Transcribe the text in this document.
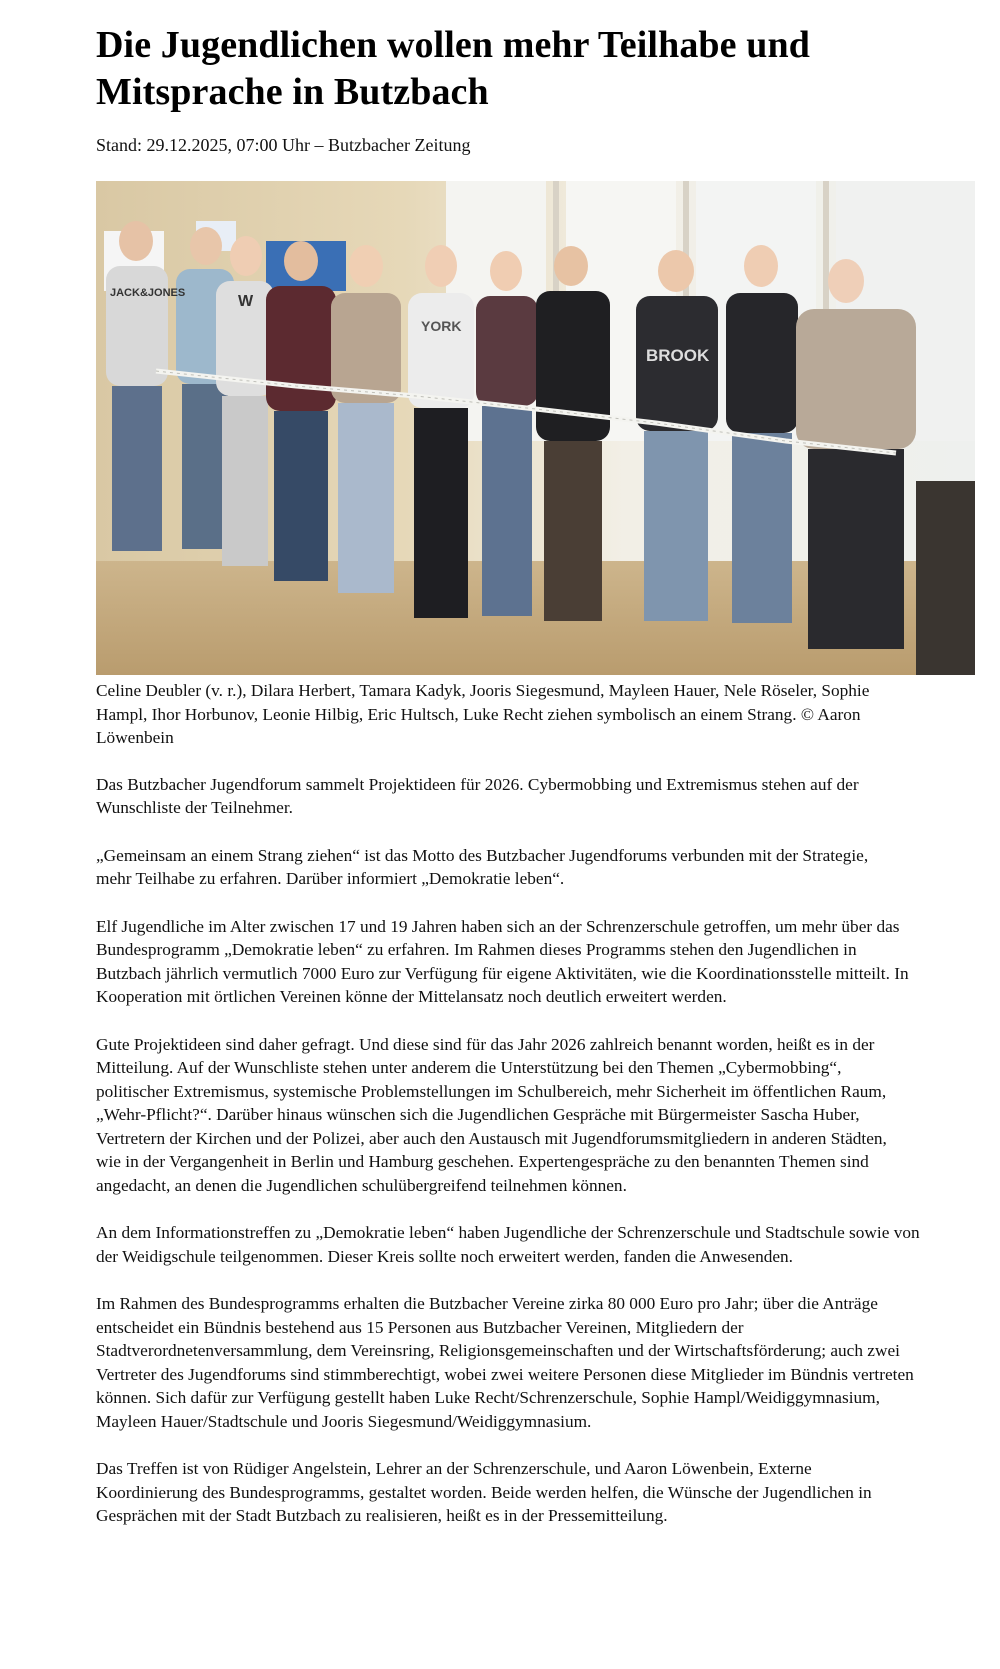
Die Jugendlichen wollen mehr Teilhabe und Mitsprache in Butzbach
Stand: 29.12.2025, 07:00 Uhr – Butzbacher Zeitung
JACK&JONES	W
BROOK
YORK
Celine Deubler (v. r.), Dilara Herbert, Tamara Kadyk, Jooris Siegesmund, Mayleen Hauer, Nele Röseler, Sophie Hampl, Ihor Horbunov, Leonie Hilbig, Eric Hultsch, Luke Recht ziehen symbolisch an einem Strang. © Aaron Löwenbein

Das Butzbacher Jugendforum sammelt Projektideen für 2026. Cybermobbing und Extremismus stehen auf der Wunschliste der Teilnehmer.

„Gemeinsam an einem Strang ziehen“ ist das Motto des Butzbacher Jugendforums verbunden mit der Strategie, mehr Teilhabe zu erfahren. Darüber informiert „Demokratie leben“.

Elf Jugendliche im Alter zwischen 17 und 19 Jahren haben sich an der Schrenzerschule getroffen, um mehr über das Bundesprogramm „Demokratie leben“ zu erfahren. Im Rahmen dieses Programms stehen den Jugendlichen in Butzbach jährlich vermutlich 7000 Euro zur Verfügung für eigene Aktivitäten, wie die Koordinationsstelle mitteilt. In Kooperation mit örtlichen Vereinen könne der Mittelansatz noch deutlich erweitert werden.

Gute Projektideen sind daher gefragt. Und diese sind für das Jahr 2026 zahlreich benannt worden, heißt es in der Mitteilung. Auf der Wunschliste stehen unter anderem die Unterstützung bei den Themen „Cybermobbing“, politischer Extremismus, systemische Problemstellungen im Schulbereich, mehr Sicherheit im öffentlichen Raum, „Wehr-Pflicht?“. Darüber hinaus wünschen sich die Jugendlichen Gespräche mit Bürgermeister Sascha Huber, Vertretern der Kirchen und der Polizei, aber auch den Austausch mit Jugendforumsmitgliedern in anderen Städten, wie in der Vergangenheit in Berlin und Hamburg geschehen. Expertengespräche zu den benannten Themen sind angedacht, an denen die Jugendlichen schulübergreifend teilnehmen können.

An dem Informationstreffen zu „Demokratie leben“ haben Jugendliche der Schrenzerschule und Stadtschule sowie von der Weidigschule teilgenommen. Dieser Kreis sollte noch erweitert werden, fanden die Anwesenden.

Im Rahmen des Bundesprogramms erhalten die Butzbacher Vereine zirka 80 000 Euro pro Jahr; über die Anträge entscheidet ein Bündnis bestehend aus 15 Personen aus Butzbacher Vereinen, Mitgliedern der Stadtverordnetenversammlung, dem Vereinsring, Religionsgemeinschaften und der Wirtschaftsförderung; auch zwei Vertreter des Jugendforums sind stimmberechtigt, wobei zwei weitere Personen diese Mitglieder im Bündnis vertreten können. Sich dafür zur Verfügung gestellt haben Luke Recht/Schrenzerschule, Sophie Hampl/Weidiggymnasium, Mayleen Hauer/Stadtschule und Jooris Siegesmund/Weidiggymnasium.

Das Treffen ist von Rüdiger Angelstein, Lehrer an der Schrenzerschule, und Aaron Löwenbein, Externe Koordinierung des Bundesprogramms, gestaltet worden. Beide werden helfen, die Wünsche der Jugendlichen in Gesprächen mit der Stadt Butzbach zu realisieren, heißt es in der Pressemitteilung.
